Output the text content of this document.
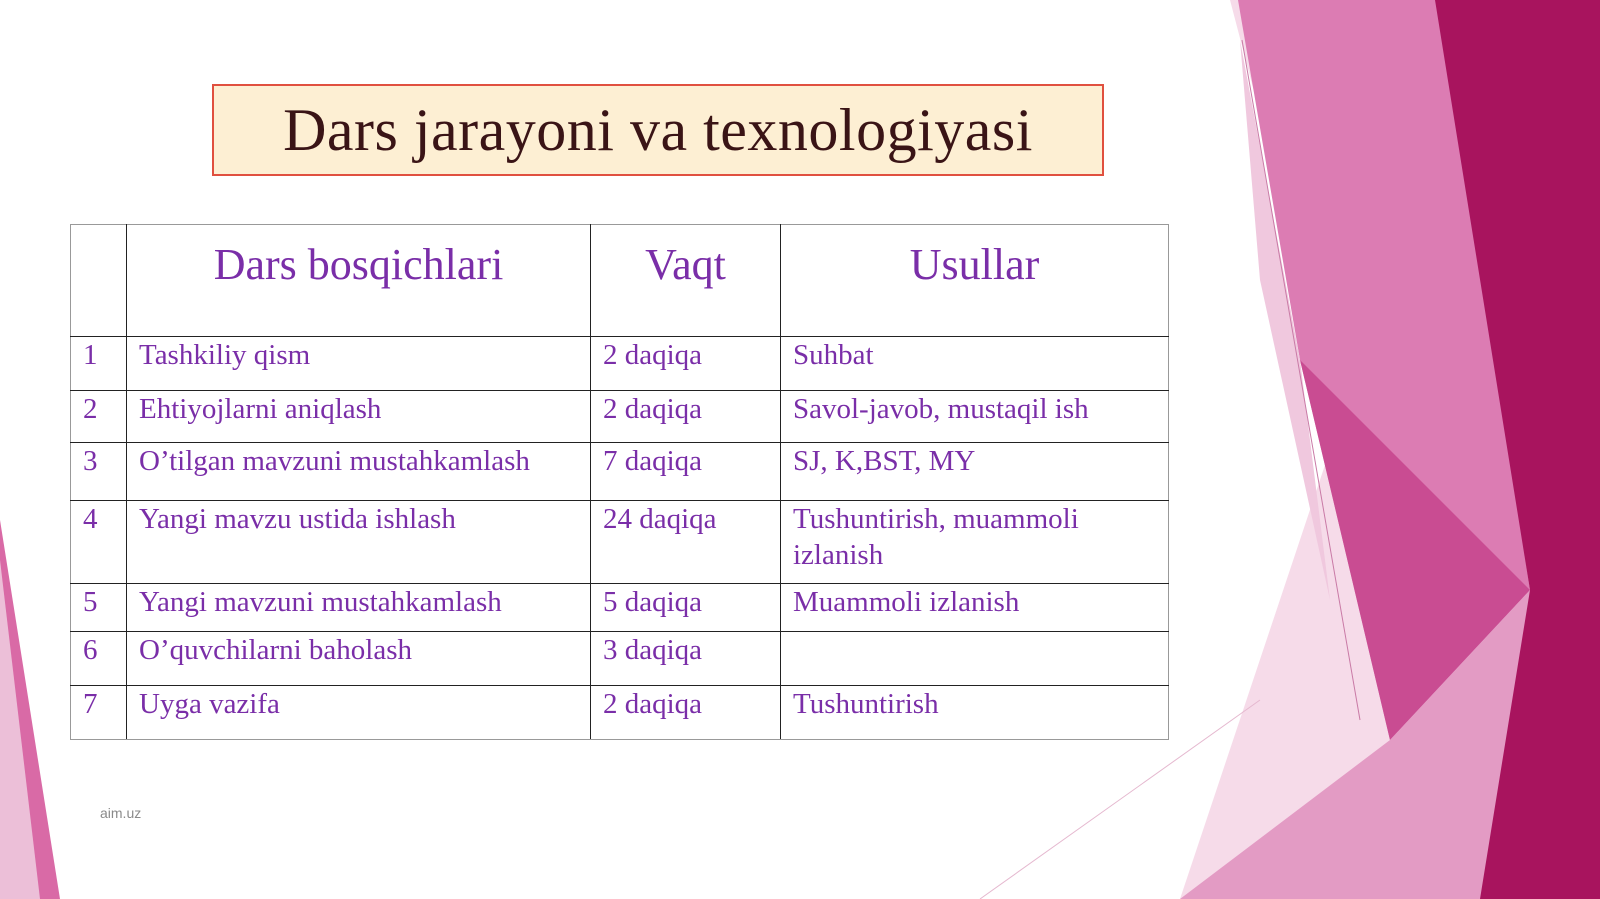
Dars jarayoni va texnologiyasi
	Dars bosqichlari	Vaqt	Usullar
1	Tashkiliy qism	2 daqiqa	Suhbat
2	Ehtiyojlarni aniqlash	2 daqiqa	Savol-javob, mustaqil ish
3	O’tilgan mavzuni mustahkamlash	7 daqiqa	SJ, K,BST, MY
4	Yangi mavzu ustida ishlash	24 daqiqa	Tushuntirish, muammoli izlanish
5	Yangi mavzuni mustahkamlash	5 daqiqa	Muammoli izlanish
6	O’quvchilarni baholash	3 daqiqa	
7	Uyga vazifa	2 daqiqa	Tushuntirish
aim.uz
